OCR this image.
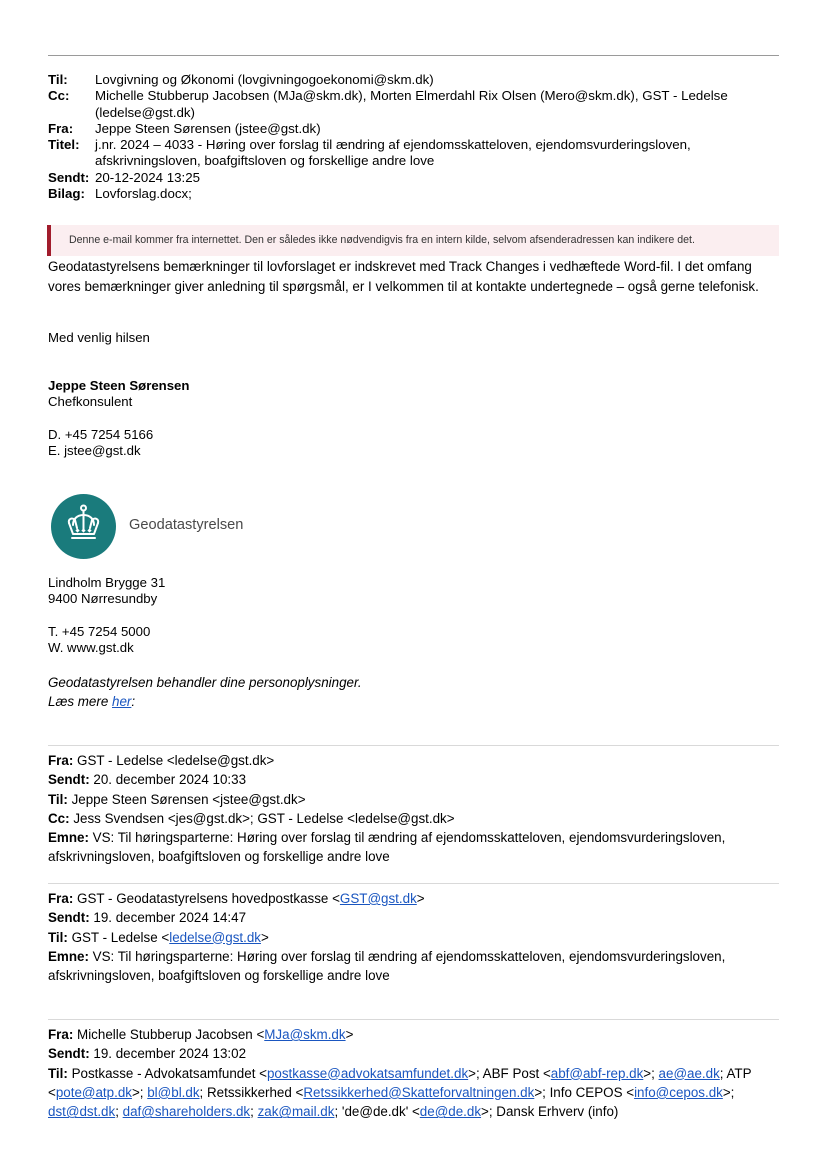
Til:	Lovgivning og Økonomi (lovgivningogoekonomi@skm.dk)
Cc:	Michelle Stubberup Jacobsen (MJa@skm.dk), Morten Elmerdahl Rix Olsen (Mero@skm.dk), GST - Ledelse (ledelse@gst.dk)
Fra:	Jeppe Steen Sørensen (jstee@gst.dk)
Titel:	j.nr. 2024 – 4033 - Høring over forslag til ændring af ejendomsskatteloven, ejendomsvurderingsloven, afskrivningsloven, boafgiftsloven og forskellige andre love
Sendt: 20-12-2024 13:25
Bilag: Lovforslag.docx;
Denne e-mail kommer fra internettet. Den er således ikke nødvendigvis fra en intern kilde, selvom afsenderadressen kan indikere det.
Geodatastyrelsens bemærkninger til lovforslaget er indskrevet med Track Changes i vedhæftede Word-fil. I det omfang vores bemærkninger giver anledning til spørgsmål, er I velkommen til at kontakte undertegnede – også gerne telefonisk.
Med venlig hilsen
Jeppe Steen Sørensen
Chefkonsulent
D. +45 7254 5166
E. jstee@gst.dk
Geodatastyrelsen
Lindholm Brygge 31
9400 Nørresundby
T. +45 7254 5000
W. www.gst.dk
Geodatastyrelsen behandler dine personoplysninger.
Læs mere her:
Fra: GST - Ledelse <ledelse@gst.dk>
Sendt: 20. december 2024 10:33
Til: Jeppe Steen Sørensen <jstee@gst.dk>
Cc: Jess Svendsen <jes@gst.dk>; GST - Ledelse <ledelse@gst.dk>
Emne: VS: Til høringsparterne: Høring over forslag til ændring af ejendomsskatteloven, ejendomsvurderingsloven, afskrivningsloven, boafgiftsloven og forskellige andre love
Fra: GST - Geodatastyrelsens hovedpostkasse <GST@gst.dk>
Sendt: 19. december 2024 14:47
Til: GST - Ledelse <ledelse@gst.dk>
Emne: VS: Til høringsparterne: Høring over forslag til ændring af ejendomsskatteloven, ejendomsvurderingsloven, afskrivningsloven, boafgiftsloven og forskellige andre love
Fra: Michelle Stubberup Jacobsen <MJa@skm.dk>
Sendt: 19. december 2024 13:02
Til: Postkasse - Advokatsamfundet <postkasse@advokatsamfundet.dk>; ABF Post <abf@abf-rep.dk>; ae@ae.dk; ATP <pote@atp.dk>; bl@bl.dk; Retssikkerhed <Retssikkerhed@Skatteforvaltningen.dk>; Info CEPOS <info@cepos.dk>; dst@dst.dk; daf@shareholders.dk; zak@mail.dk; 'de@de.dk' <de@de.dk>; Dansk Erhverv (info)
